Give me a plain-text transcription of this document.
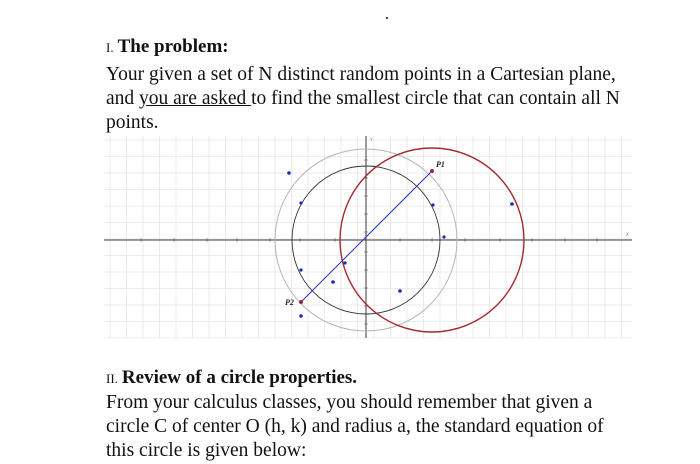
I. The problem:
Your given a set of N distinct random points in a Cartesian plane,
and you are asked to find the smallest circle that can contain all N
points.
X
Y
P1
P2
II. Review of a circle properties.
From your calculus classes, you should remember that given a
circle C of center O (h, k) and radius a, the standard equation of
this circle is given below:
